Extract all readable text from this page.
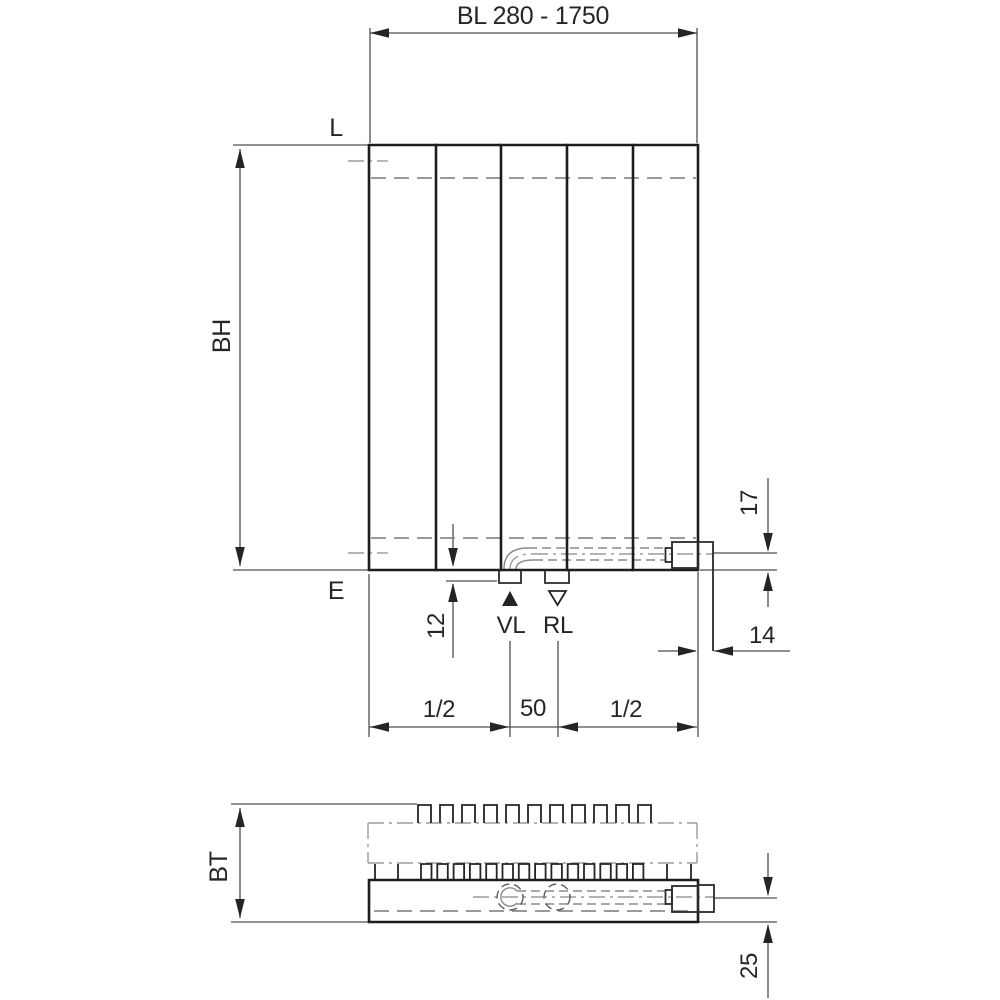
BL 280 - 1750
L
E
BH
12 VL RL
17
14
1/2	50	1/2
BT
25
